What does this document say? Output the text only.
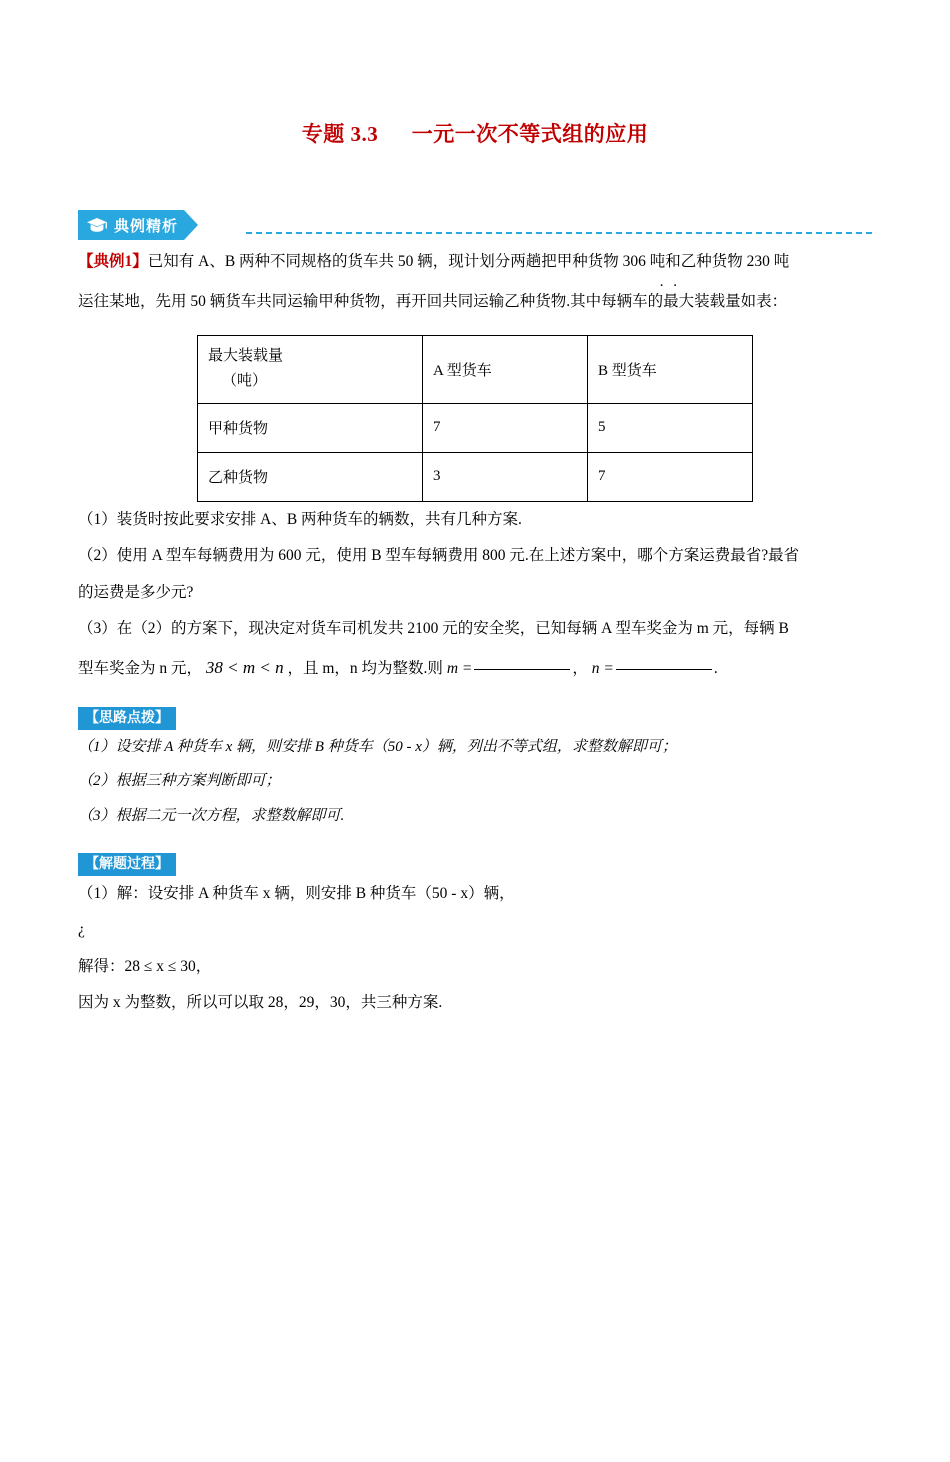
专题 3.3 一元一次不等式组的应用
典例精析

【典例1】已知有 A、B 两种不同规格的货车共 50 辆，现计划分两趟把甲种货物 306 吨和乙种货物 230 吨

. .

运往某地，先用 50 辆货车共同运输甲种货物，再开回共同运输乙种货物.其中每辆车的最大装载量如表：

最大装载量
（吨）	A 型货车	B 型货车
甲种货物	7	5
乙种货物	3	7

（1）装货时按此要求安排 A、B 两种货车的辆数，共有几种方案.

（2）使用 A 型车每辆费用为 600 元，使用 B 型车每辆费用 800 元.在上述方案中，哪个方案运费最省?最省

的运费是多少元?

（3）在（2）的方案下，现决定对货车司机发共 2100 元的安全奖，已知每辆 A 型车奖金为 m 元，每辆 B

型车奖金为 n 元， 38 < m < n ，且 m，n 均为整数.则 m =	， n =	.

【思路点拨】

（1）设安排 A 种货车 x 辆，则安排 B 种货车（50 - x）辆，列出不等式组，求整数解即可；

（2）根据三种方案判断即可；

（3）根据二元一次方程，求整数解即可.

【解题过程】

（1）解：设安排 A 种货车 x 辆，则安排 B 种货车（50 - x）辆，

¿

解得：28 ≤ x ≤ 30，

因为 x 为整数，所以可以取 28，29，30，共三种方案.
